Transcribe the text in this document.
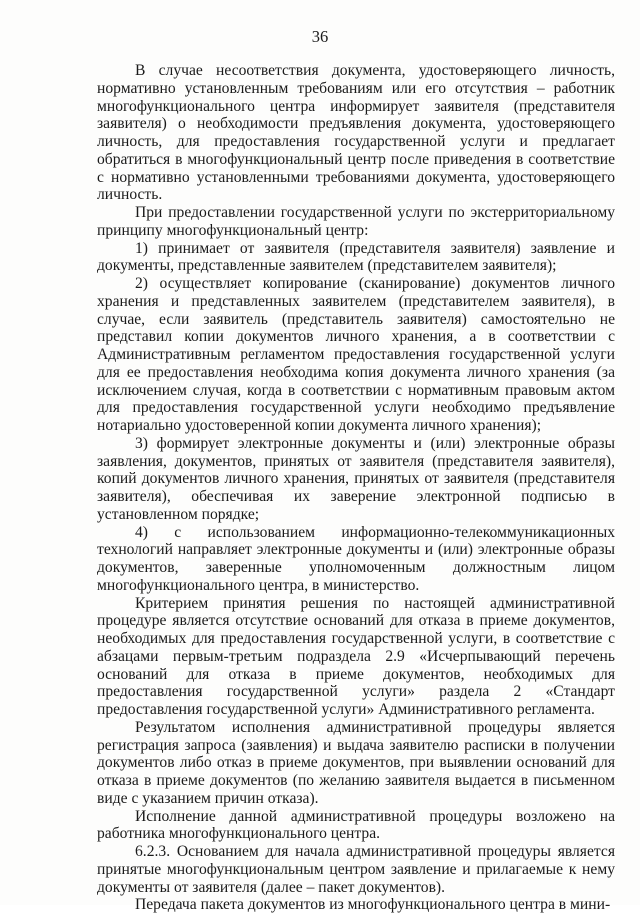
36

В случае несоответствия документа, удостоверяющего личность, нормативно установленным требованиям или его отсутствия – работник многофункционального центра информирует заявителя (представителя заявителя) о необходимости предъявления документа, удостоверяющего личность, для предоставления государственной услуги и предлагает обратиться в многофункциональный центр после приведения в соответствие с нормативно установленными требованиями документа, удостоверяющего личность.

При предоставлении государственной услуги по экстерриториальному принципу многофункциональный центр:

1) принимает от заявителя (представителя заявителя) заявление и документы, представленные заявителем (представителем заявителя);

2) осуществляет копирование (сканирование) документов личного хранения и представленных заявителем (представителем заявителя), в случае, если заявитель (представитель заявителя) самостоятельно не представил копии документов личного хранения, а в соответствии с Административным регламентом предоставления государственной услуги для ее предоставления необходима копия документа личного хранения (за исключением случая, когда в соответствии с нормативным правовым актом для предоставления государственной услуги необходимо предъявление нотариально удостоверенной копии документа личного хранения);

3) формирует электронные документы и (или) электронные образы заявления, документов, принятых от заявителя (представителя заявителя), копий документов личного хранения, принятых от заявителя (представителя заявителя), обеспечивая их заверение электронной подписью в установленном порядке;

4) с использованием информационно-телекоммуникационных технологий направляет электронные документы и (или) электронные образы документов, заверенные уполномоченным должностным лицом многофункционального центра, в министерство.

Критерием принятия решения по настоящей административной процедуре является отсутствие оснований для отказа в приеме документов, необходимых для предоставления государственной услуги, в соответствие с абзацами первым-третьим подраздела 2.9 «Исчерпывающий перечень оснований для отказа в приеме документов, необходимых для предоставления государственной услуги» раздела 2 «Стандарт предоставления государственной услуги» Административного регламента.

Результатом исполнения административной процедуры является регистрация запроса (заявления) и выдача заявителю расписки в получении документов либо отказ в приеме документов, при выявлении оснований для отказа в приеме документов (по желанию заявителя выдается в письменном виде с указанием причин отказа).

Исполнение данной административной процедуры возложено на работника многофункционального центра.

6.2.3. Основанием для начала административной процедуры является принятые многофункциональным центром заявление и прилагаемые к нему документы от заявителя (далее – пакет документов).

Передача пакета документов из многофункционального центра в мини-
